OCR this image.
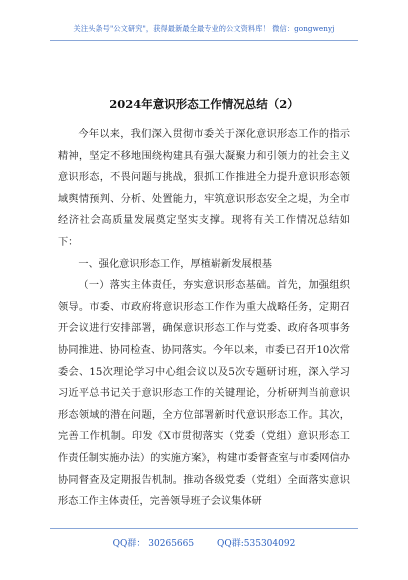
关注头条号"公文研究"，获得最新最全最专业的公文资料库！ 微信：gongwenyj
2024年意识形态工作情况总结（2）

今年以来，我们深入贯彻市委关于深化意识形态工作的指示精神，坚定不移地围绕构建具有强大凝聚力和引领力的社会主义意识形态，不畏问题与挑战，狠抓工作推进全力提升意识形态领域舆情预判、分析、处置能力，牢筑意识形态安全之堤，为全市经济社会高质量发展奠定坚实支撑。现将有关工作情况总结如下：

一、强化意识形态工作，厚植崭新发展根基

（一）落实主体责任，夯实意识形态基础。首先，加强组织领导。市委、市政府将意识形态工作作为重大战略任务，定期召开会议进行安排部署，确保意识形态工作与党委、政府各项事务协同推进、协同检查、协同落实。今年以来，市委已召开10次常委会、15次理论学习中心组会议以及5次专题研讨班，深入学习习近平总书记关于意识形态工作的关键理论，分析研判当前意识形态领域的潜在问题，全方位部署新时代意识形态工作。其次，完善工作机制。印发《X市贯彻落实（党委（党组）意识形态工作责任制实施办法）的实施方案》，构建市委督查室与市委网信办协同督查及定期报告机制。推动各级党委（党组）全面落实意识形态工作主体责任，完善领导班子会议集体研

QQ群： 30265665	QQ群:535304092
